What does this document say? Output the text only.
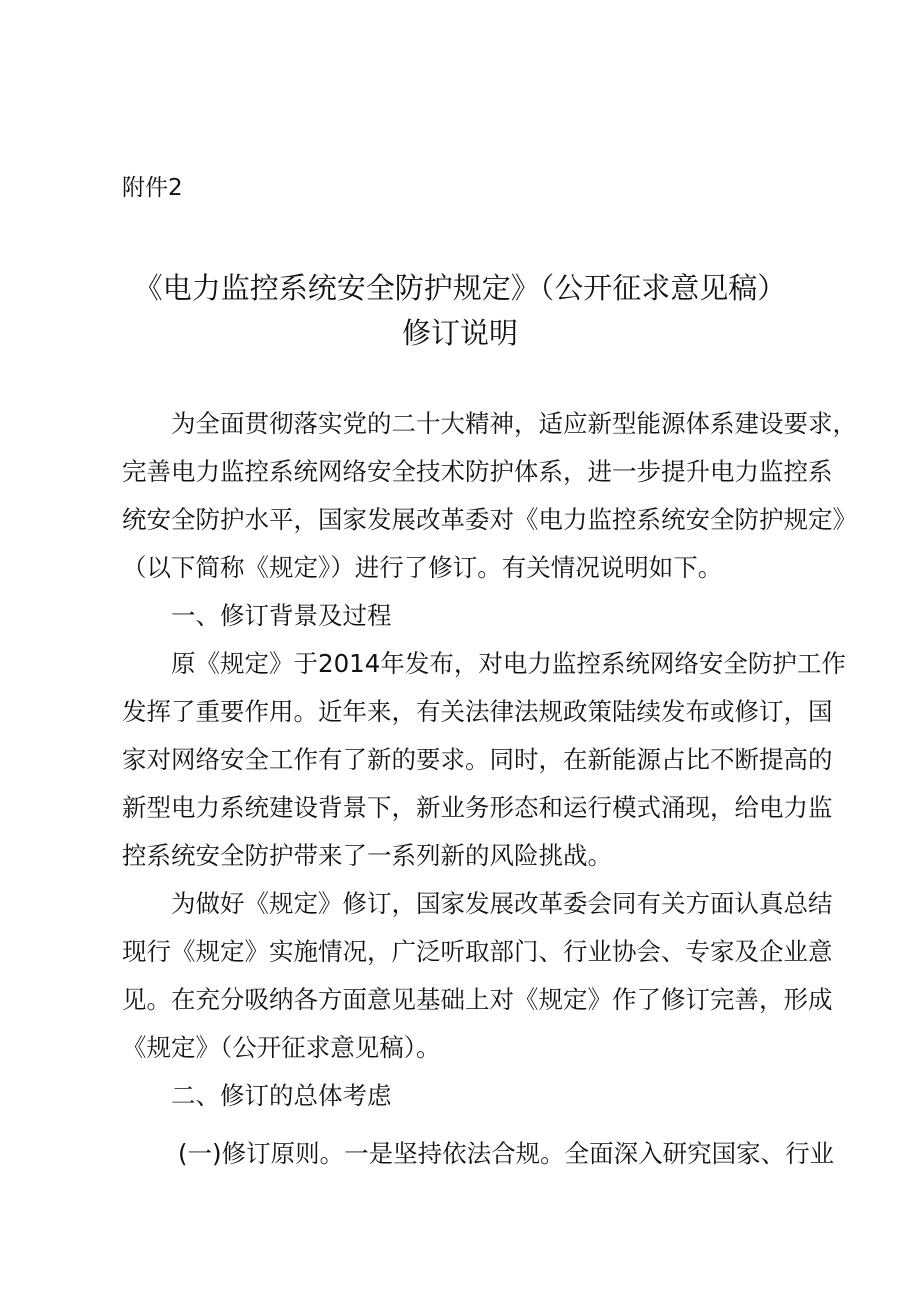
附件2
《电力监控系统安全防护规定》（公开征求意见稿）
修订说明
为全面贯彻落实党的二十大精神，适应新型能源体系建设要求，
完善电力监控系统网络安全技术防护体系，进一步提升电力监控系
统安全防护水平，国家发展改革委对《电力监控系统安全防护规定》
（以下简称《规定》）进行了修订。有关情况说明如下。
一、修订背景及过程
原《规定》于2014年发布，对电力监控系统网络安全防护工作
发挥了重要作用。近年来，有关法律法规政策陆续发布或修订，国
家对网络安全工作有了新的要求。同时，在新能源占比不断提高的
新型电力系统建设背景下，新业务形态和运行模式涌现，给电力监
控系统安全防护带来了一系列新的风险挑战。
为做好《规定》修订，国家发展改革委会同有关方面认真总结
现行《规定》实施情况，广泛听取部门、行业协会、专家及企业意
见。在充分吸纳各方面意见基础上对《规定》作了修订完善，形成
《规定》（公开征求意见稿）。
二、修订的总体考虑
(一)修订原则。一是坚持依法合规。全面深入研究国家、行业
